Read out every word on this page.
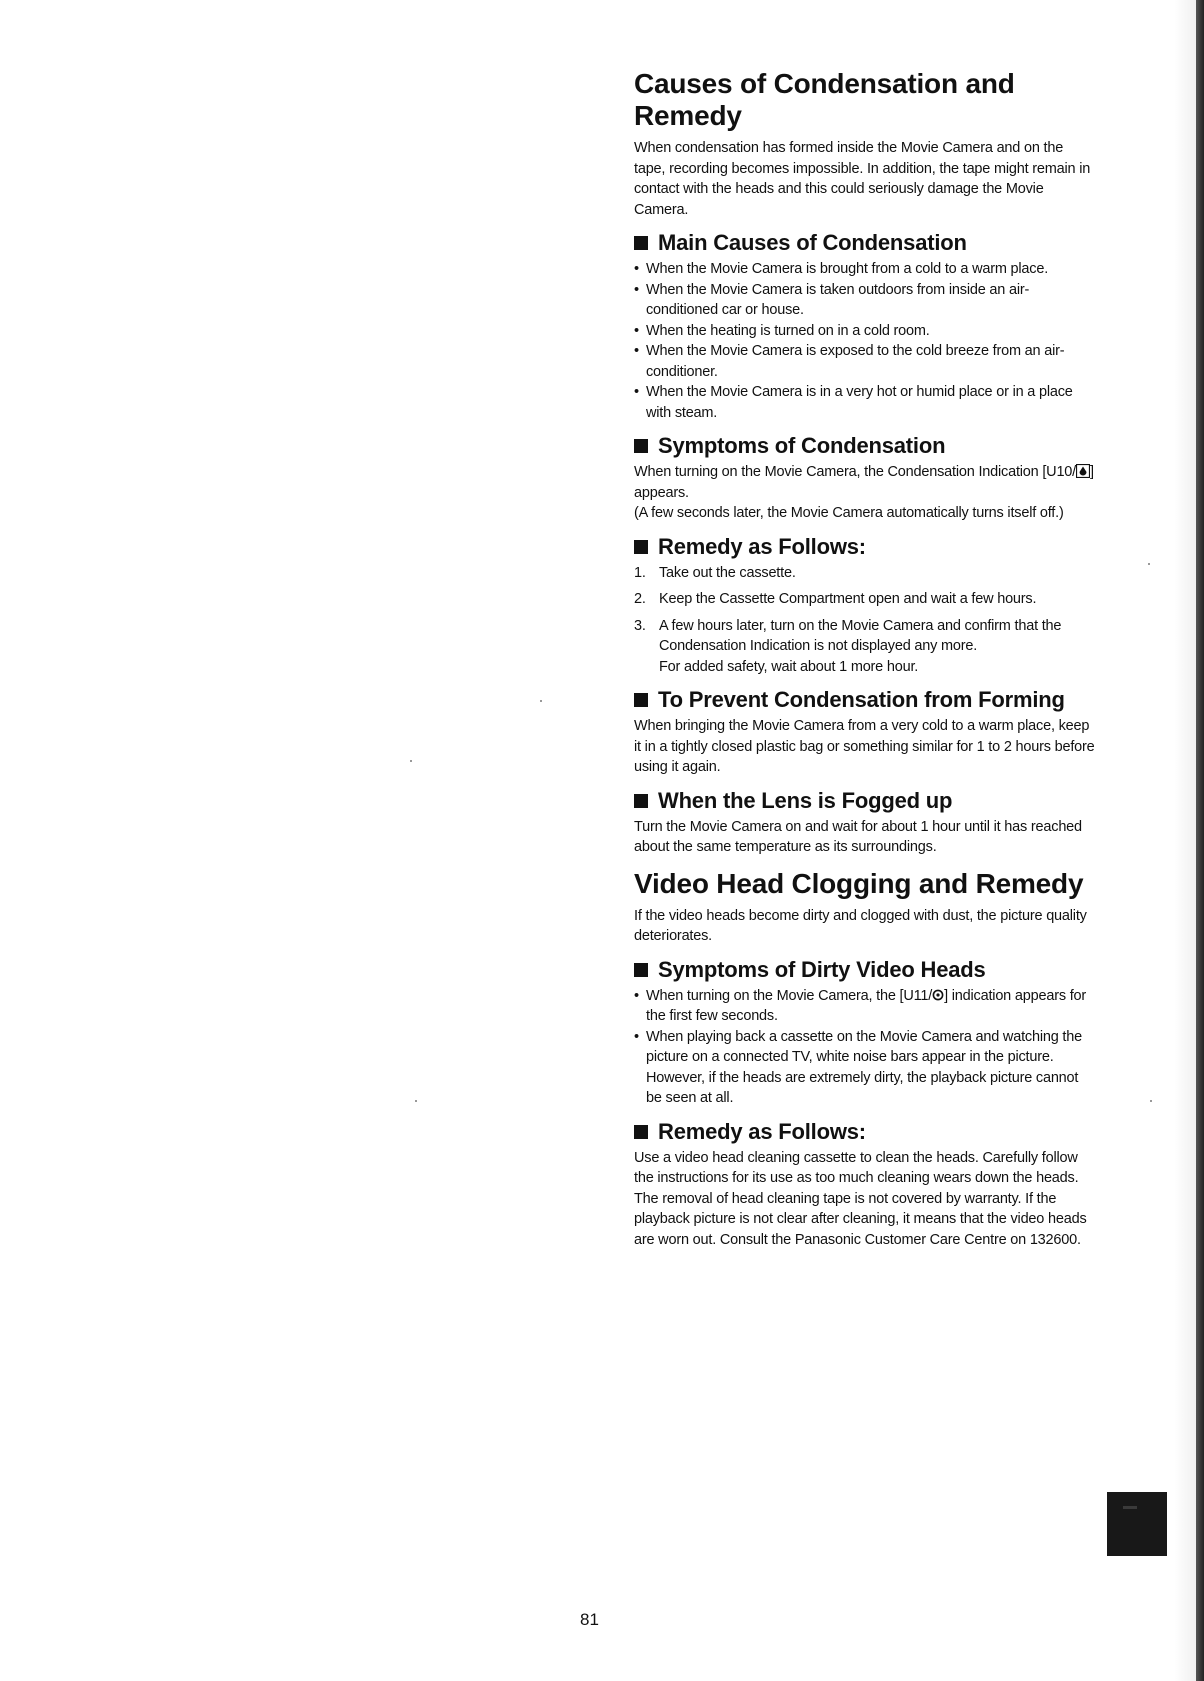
Causes of Condensation and Remedy

When condensation has formed inside the Movie Camera and on the tape, recording becomes impossible. In addition, the tape might remain in contact with the heads and this could seriously damage the Movie Camera.

Main Causes of Condensation
• When the Movie Camera is brought from a cold to a warm place.
• When the Movie Camera is taken outdoors from inside an air-conditioned car or house.
• When the heating is turned on in a cold room.
• When the Movie Camera is exposed to the cold breeze from an air-conditioner.
• When the Movie Camera is in a very hot or humid place or in a place with steam.
Symptoms of Condensation

When turning on the Movie Camera, the Condensation Indication [U10/ ] appears.
(A few seconds later, the Movie Camera automatically turns itself off.)

Remedy as Follows:
1. Take out the cassette.
2. Keep the Cassette Compartment open and wait a few hours.
3. A few hours later, turn on the Movie Camera and confirm that the Condensation Indication is not displayed any more.
For added safety, wait about 1 more hour.
To Prevent Condensation from Forming

When bringing the Movie Camera from a very cold to a warm place, keep it in a tightly closed plastic bag or something similar for 1 to 2 hours before using it again.

When the Lens is Fogged up

Turn the Movie Camera on and wait for about 1 hour until it has reached about the same temperature as its surroundings.

Video Head Clogging and Remedy

If the video heads become dirty and clogged with dust, the picture quality deteriorates.

Symptoms of Dirty Video Heads
• When turning on the Movie Camera, the [U11/ ] indication appears for the first few seconds.
• When playing back a cassette on the Movie Camera and watching the picture on a connected TV, white noise bars appear in the picture. However, if the heads are extremely dirty, the playback picture cannot be seen at all.
Remedy as Follows:

Use a video head cleaning cassette to clean the heads. Carefully follow the instructions for its use as too much cleaning wears down the heads. The removal of head cleaning tape is not covered by warranty. If the playback picture is not clear after cleaning, it means that the video heads are worn out. Consult the Panasonic Customer Care Centre on 132600.

81
